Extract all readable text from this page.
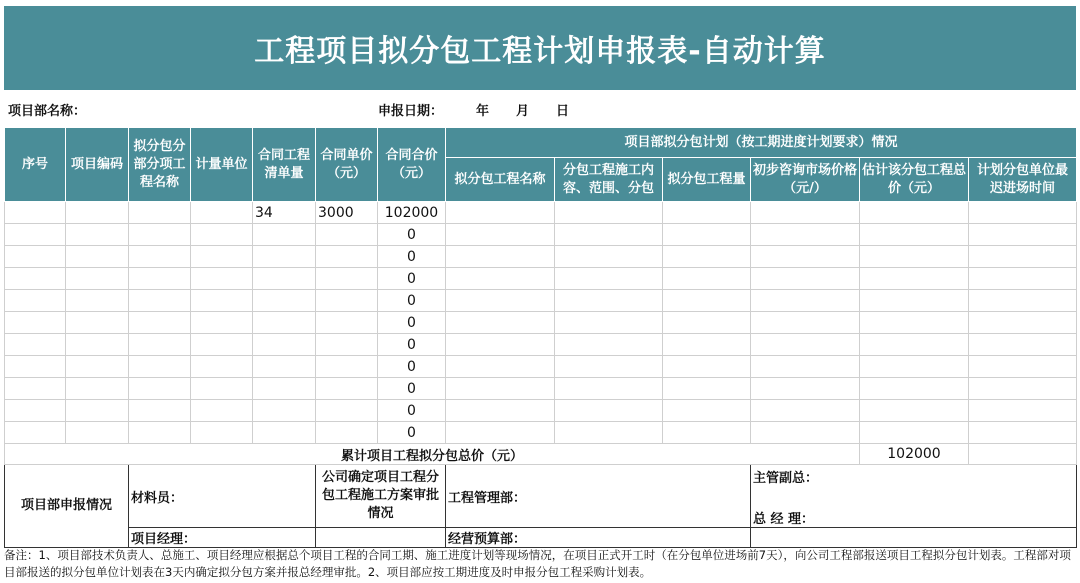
工程项目拟分包工程计划申报表-自动计算
项目部名称：	申报日期：	年 月 日
序号	项目编码	拟分包分部分项工程名称	计量单位	合同工程清单量	合同单价（元）	合同合价（元）	项目部拟分包计划（按工期进度计划要求）情况					
							拟分包工程名称	分包工程施工内容、范围、分包	拟分包工程量	初步咨询市场价格（元/）	估计该分包工程总价（元）	计划分包单位最迟进场时间
				34	3000	102000						
						0						
						0						
						0						
						0						
						0						
						0						
						0						
						0						
						0						
						0						
累计项目工程拟分包总价（元）											102000	
项目部申报情况		材料员：			公司确定项目工程分包工程施工方案审批情况		工程管理部：			主管副总：
总 经 理：		

		项目经理：					经营预算部：					
备注：1、项目部技术负责人、总施工、项目经理应根据总个项目工程的合同工期、施工进度计划等现场情况，在项目正式开工时（在分包单位进场前7天），向公司工程部报送项目工程拟分包计划表。工程部对项目部报送的拟分包单位计划表在3天内确定拟分包方案并报总经理审批。2、项目部应按工期进度及时申报分包工程采购计划表。
